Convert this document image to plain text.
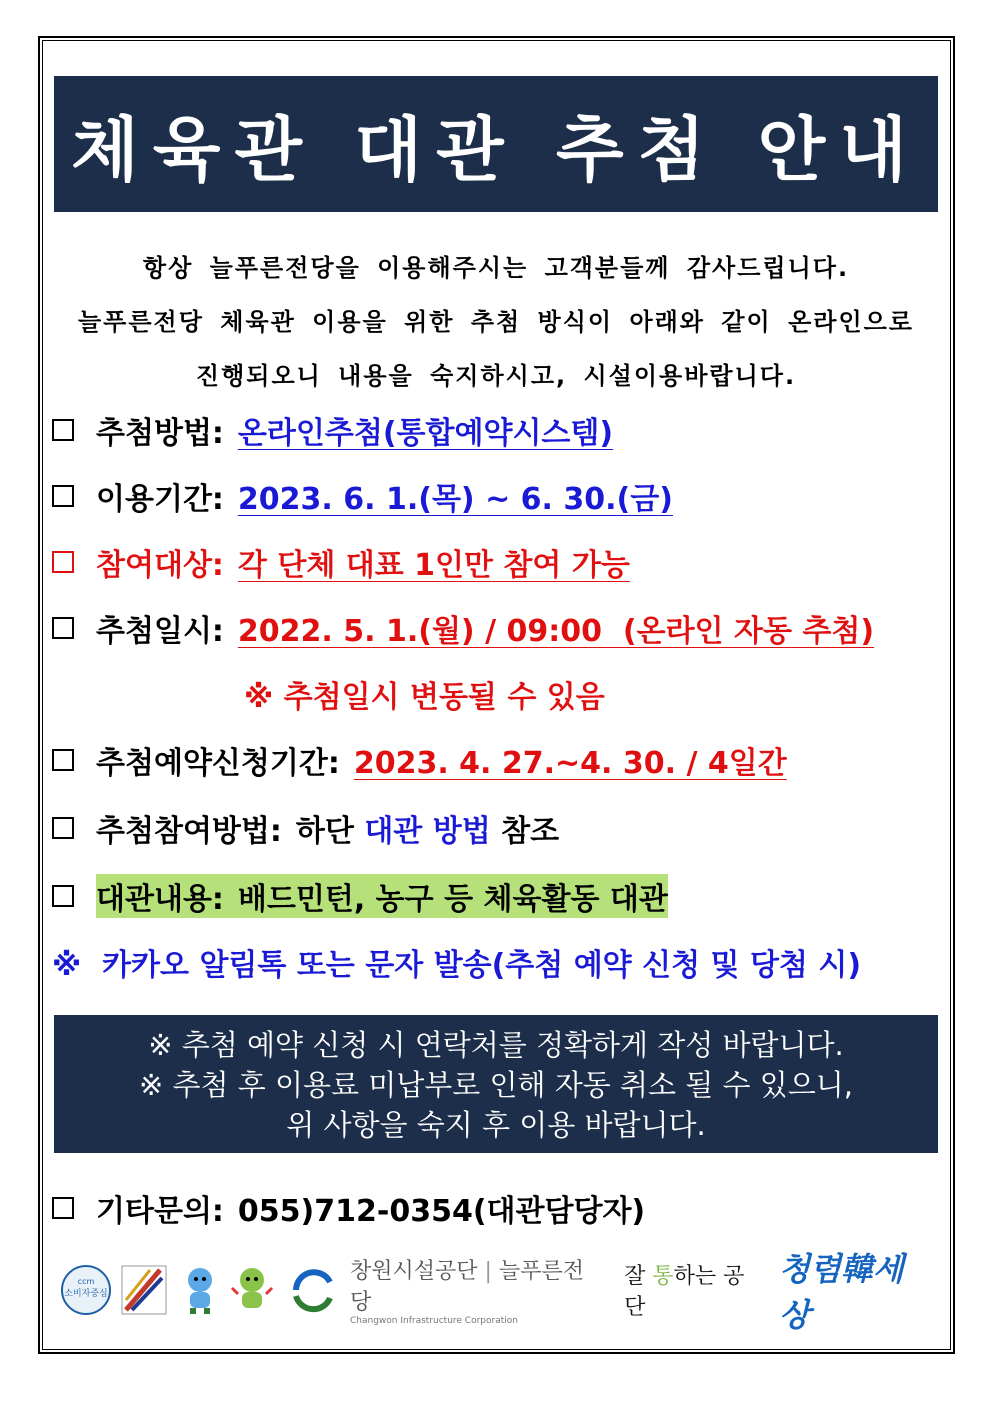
체육관 대관 추첨 안내
항상 늘푸른전당을 이용해주시는 고객분들께 감사드립니다.
늘푸른전당 체육관 이용을 위한 추첨 방식이 아래와 같이 온라인으로
진행되오니 내용을 숙지하시고, 시설이용바랍니다.
추첨방법: 온라인추첨(통합예약시스템)
이용기간: 2023. 6. 1.(목) ~ 6. 30.(금)
참여대상: 각 단체 대표 1인만 참여 가능
추첨일시: 2022. 5. 1.(월) / 09:00  (온라인 자동 추첨)
※ 추첨일시 변동될 수 있음
추첨예약신청기간: 2023. 4. 27.~4. 30. / 4일간
추첨참여방법: 하단
대관 방법
참조
대관내용: 배드민턴, 농구 등 체육활동 대관
※  카카오 알림톡 또는 문자 발송(추첨 예약 신청 및 당첨 시)
※ 추첨 예약 신청 시 연락처를 정확하게 작성 바랍니다.
※ 추첨 후 이용료 미납부로 인해 자동 취소 될 수 있으니,
위 사항을 숙지 후 이용 바랍니다.
기타문의: 055)712-0354(대관담당자)
ccm
소비자중심
창원시설공단 | 늘푸른전당
Changwon Infrastructure Corporation
잘 통하는 공단
청렴韓세상
